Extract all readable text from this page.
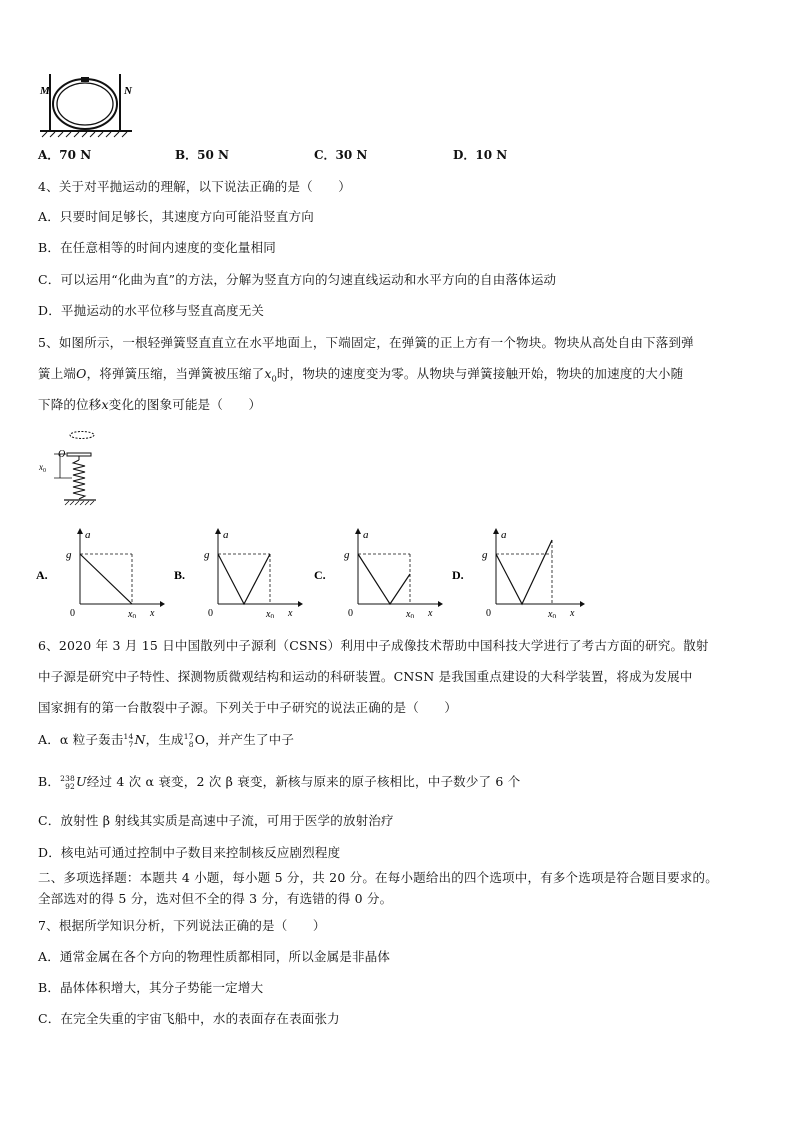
M	N
A．70 N	B．50 N	C．30 N	D．10 N
4、关于对平抛运动的理解，以下说法正确的是（　　）
A．只要时间足够长，其速度方向可能沿竖直方向
B．在任意相等的时间内速度的变化量相同
C．可以运用“化曲为直”的方法，分解为竖直方向的匀速直线运动和水平方向的自由落体运动
D．平抛运动的水平位移与竖直高度无关
5、如图所示，一根轻弹簧竖直直立在水平地面上，下端固定，在弹簧的正上方有一个物块。物块从高处自由下落到弹
簧上端O，将弹簧压缩，当弹簧被压缩了$x_0$时，物块的速度变为零。从物块与弹簧接触开始，物块的加速度的大小随
下降的位移x变化的图象可能是（　　）
O
$x_0$
A.
a
g
0	$x_0$ x
B.
a
g
0	$x_0$ x
C.
a
g
0	$x_0$ x
D.
a
g
0	$x_0$ x
6、2020 年 3 月 15 日中国散列中子源利（CSNS）利用中子成像技术帮助中国科技大学进行了考古方面的研究。散射
中子源是研究中子特性、探测物质微观结构和运动的科研装置。CNSN 是我国重点建设的大科学装置，将成为发展中
国家拥有的第一台散裂中子源。下列关于中子研究的说法正确的是（　　）
A．α 粒子轰击 14
7 N，生成 17
8 O，并产生了中子
B． 238
92 U经过 4 次 α 衰变，2 次 β 衰变，新核与原来的原子核相比，中子数少了 6 个
C．放射性 β 射线其实质是高速中子流，可用于医学的放射治疗
D．核电站可通过控制中子数目来控制核反应剧烈程度
二、多项选择题：本题共 4 小题，每小题 5 分，共 20 分。在每小题给出的四个选项中，有多个选项是符合题目要求的。
全部选对的得 5 分，选对但不全的得 3 分，有选错的得 0 分。
7、根据所学知识分析，下列说法正确的是（　　）
A．通常金属在各个方向的物理性质都相同，所以金属是非晶体
B．晶体体积增大，其分子势能一定增大
C．在完全失重的宇宙飞船中，水的表面存在表面张力
